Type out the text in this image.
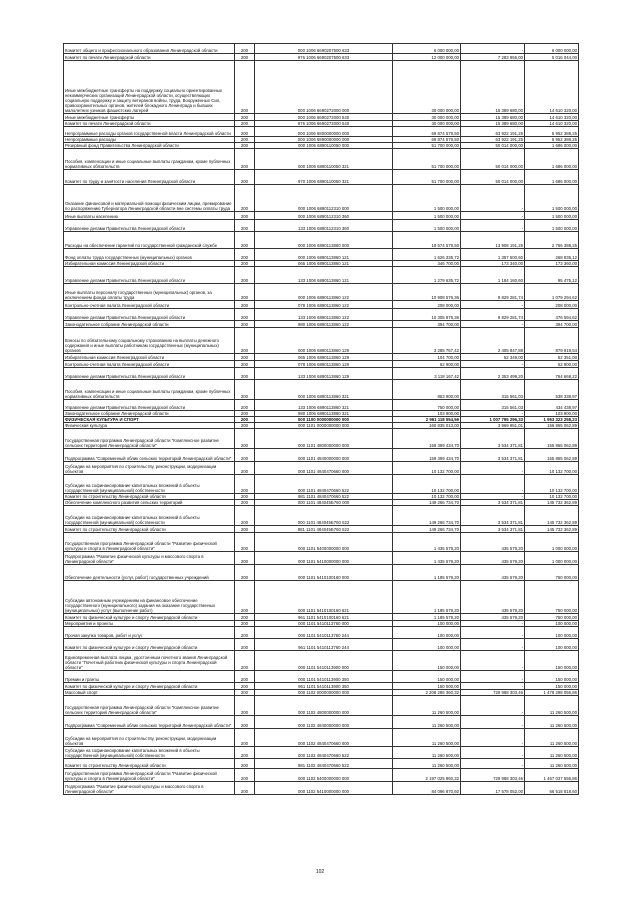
Комитет общего и профессионального образования Ленинградской области	200	000 1006 6690207500 633	6 000 000,00	-	6 000 000,00
Комитет по печати Ленинградской области	200	976 1006 6690207500 633	12 000 000,00	7 283 956,00	5 016 044,00
Иные межбюджетные трансферты на поддержку социально ориентированных некоммерческих организаций Ленинградской области, осуществляющих социальную поддержку и защиту ветеранов войны, труда, Вооруженных Сил, правоохранительных органов, жителей блокадного Ленинграда и бывших малолетних узников фашистских лагерей	200	000 1006 6690272000 000	30 000 000,00	15 389 680,00	14 610 320,00
Иные межбюджетные трансферты	200	000 1006 6690272000 540	30 000 000,00	15 389 680,00	14 610 320,00
Комитет по печати Ленинградской области	200	976 1006 6690272000 540	30 000 000,00	15 389 680,00	14 610 320,00
Непрограммные расходы органов государственной власти Ленинградской области	200	000 1006 6800000000 000	69 874 579,50	63 922 191,25	5 952 388,25
Непрограммные расходы	200	000 1006 6890000000 000	69 874 579,50	63 922 191,25	5 952 388,25
Резервный фонд Правительства Ленинградской области	200	000 1006 6890110050 000	51 700 000,00	50 014 000,00	1 686 000,00
Пособия, компенсации и иные социальные выплаты гражданам, кроме публичных нормативных обязательств	200	000 1006 6890110050 321	51 700 000,00	50 014 000,00	1 686 000,00
Комитет по труду и занятости населения Ленинградской области	200	970 1006 6890110050 321	51 700 000,00	50 014 000,00	1 686 000,00
Оказание финансовой и материальной помощи физическим лицам, премирование по распоряжению Губернатора Ленинградской области вне системы оплаты труда	200	000 1006 6890112310 000	1 500 000,00	-	1 500 000,00
Иные выплаты населению	200	000 1006 6890112310 360	1 500 000,00	-	1 500 000,00
Управление делами Правительства Ленинградской области	200	133 1006 6890112310 360	1 500 000,00	-	1 500 000,00
Расходы на обеспечение гарантий по государственной гражданской службе	200	000 1006 6890113860 000	18 674 579,50	13 908 191,25	2 766 388,25
Фонд оплаты труда государственных (муниципальных) органов	200	000 1006 6890113860 121	1 626 335,72	1 357 500,60	268 835,12
Избирательная комиссия Ленинградской области	200	065 1006 6890113860 121	346 700,00	173 340,00	173 360,00
Управление делами Правительства Ленинградской области	200	133 1006 6890113860 121	1 279 635,72	1 184 160,60	95 475,12
Иные выплаты персоналу государственных (муниципальных) органов, за исключением фонда оплаты труда	200	000 1006 6890113860 122	10 908 576,36	9 829 281,74	1 079 294,62
Контрольно-счетная палата Ленинградской области	200	078 1006 6890113860 122	208 000,00	-	208 000,00
Управление делами Правительства Ленинградской области	200	133 1006 6890113860 122	10 305 876,36	9 829 281,74	476 594,62
Законодательное собрание Ленинградской области	200	980 1006 6890113860 122	394 700,00	-	394 700,00
Взносы по обязательному социальному страхованию на выплаты денежного содержания и иные выплаты работникам государственных (муниципальных) органов	200	000 1006 6890113860 129	3 285 767,42	2 405 847,88	879 919,54
Избирательная комиссия Ленинградской области	200	065 1006 6890113860 129	104 700,00	52 349,00	52 351,00
Контрольно-счетная палата Ленинградской области	200	078 1006 6890113860 129	62 900,00	-	62 900,00
Управление делами Правительства Ленинградской области	200	133 1006 6890113860 129	3 118 167,42	2 353 499,20	764 668,22
Пособия, компенсации и иные социальные выплаты гражданам, кроме публичных нормативных обязательств	200	000 1006 6890113860 321	853 900,00	315 561,03	538 338,97
Управление делами Правительства Ленинградской области	200	133 1006 6890113860 321	750 000,00	315 561,03	434 438,97
Законодательное собрание Ленинградской области	200	980 1006 6890113860 321	103 900,00	-	103 900,00
ФИЗИЧЕСКАЯ КУЛЬТУРА И СПОРТ	200	000 1100 0000000000 000	2 961 118 554,56	1 007 795 296,33	1 953 323 258,23
Физическая культура	200	000 1101 0000000000 000	160 835 013,00	3 969 951,01	156 865 062,89
Государственная программа Ленинградской области "Комплексное развитие сельских территорий Ленинградской области"	200	000 1101 4800000000 000	159 399 434,70	3 534 371,81	155 865 062,89
Подпрограмма "Современный облик сельских территорий Ленинградской области"	200	000 1101 4840000000 000	159 399 434,70	3 534 371,81	155 865 062,89
Субсидии на мероприятия по строительству, реконструкции, модернизации объектов	200	000 1101 4840470660 000	10 132 700,00	-	10 132 700,00
Субсидии на софинансирование капитальных вложений в объекты государственной (муниципальной) собственности	200	000 1101 4840470660 522	10 132 700,00	-	10 132 700,00
Комитет по строительству Ленинградской области	200	981 1101 4840470660 522	10 132 700,00	-	10 132 700,00
Обеспечение комплексного развития сельских территорий	200	000 1101 484045Б760 000	149 266 734,70	3 534 371,81	145 732 362,89
Субсидии на софинансирование капитальных вложений в объекты государственной (муниципальной) собственности	200	000 1101 484045Б760 522	149 266 734,70	3 534 371,81	145 732 362,89
Комитет по строительству Ленинградской области	200	981 1101 484045Б760 522	149 266 734,70	3 534 371,81	145 732 362,89
Государственная программа Ленинградской области "Развитие физической культуры и спорта в Ленинградской области"	200	000 1101 5400000000 000	1 435 579,20	435 579,20	1 000 000,00
Подпрограмма "Развитие физической культуры и массового спорта в Ленинградской области"	200	000 1101 5410000000 000	1 435 579,20	435 579,20	1 000 000,00
Обеспечение деятельности (услуг, работ) государственных учреждений	200	000 1101 5410100160 000	1 185 579,20	435 579,20	750 000,00
Субсидии автономным учреждениям на финансовое обеспечение государственного (муниципального) задания на оказание государственных (муниципальных) услуг (выполнение работ)	200	000 1101 5410100160 621	1 185 579,20	435 579,20	750 000,00
Комитет по физической культуре и спорту Ленинградской области	200	961 1101 5410100160 621	1 185 579,20	435 579,20	750 000,00
Мероприятия и проекты	200	000 1101 5410113760 000	100 000,00	-	100 000,00
Прочая закупка товаров, работ и услуг	200	000 1101 5410113760 244	100 000,00	-	100 000,00
Комитет по физической культуре и спорту Ленинградской области	200	961 1101 5410113760 244	100 000,00	-	100 000,00
Единовременная выплата лицам, удостоенным почетного звания Ленинградской области "Почетный работник физической культуры и спорта Ленинградской области"	200	000 1101 5410113900 000	150 000,00	-	150 000,00
Премии и гранты	200	000 1101 5410113900 350	150 000,00	-	150 000,00
Комитет по физической культуре и спорту Ленинградской области	200	961 1101 5410113900 350	150 000,00	-	150 000,00
Массовый спорт	200	000 1102 0000000000 000	2 208 286 360,32	729 988 303,46	1 478 298 056,86
Государственная программа Ленинградской области "Комплексное развитие сельских территорий Ленинградской области"	200	000 1102 4800000000 000	11 260 500,00	-	11 260 500,00
Подпрограмма "Современный облик сельских территорий Ленинградской области"	200	000 1102 4840000000 000	11 260 500,00	-	11 260 500,00
Субсидии на мероприятия по строительству, реконструкции, модернизации объектов	200	000 1102 4840470660 000	11 260 500,00	-	11 260 500,00
Субсидии на софинансирование капитальных вложений в объекты государственной (муниципальной) собственности	200	000 1102 4840470660 522	11 260 500,00	-	11 260 500,00
Комитет по строительству Ленинградской области	200	981 1102 4840470660 522	11 260 500,00	-	11 260 500,00
Государственная программа Ленинградской области "Развитие физической культуры и спорта в Ленинградской области"	200	000 1102 5400000000 000	2 197 025 860,32	729 988 303,46	1 467 037 556,86
Подпрограмма "Развитие физической культуры и массового спорта в Ленинградской области"	200	000 1102 5410000000 000	84 096 870,60	17 578 052,00	66 518 818,60
102
